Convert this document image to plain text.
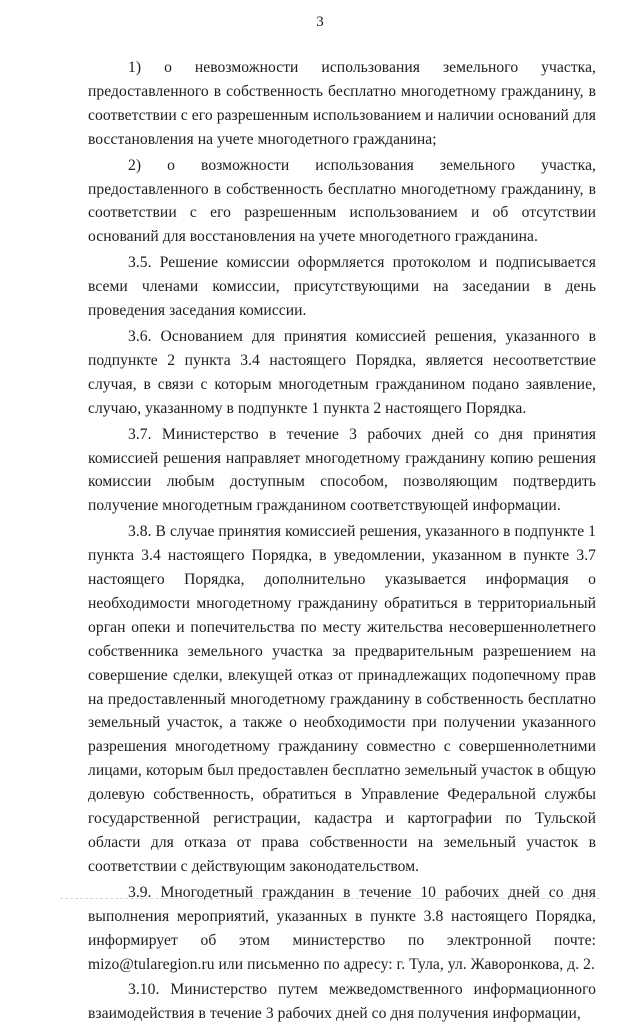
3

1) о невозможности использования земельного участка, предоставленного в собственность бесплатно многодетному гражданину, в соответствии с его разрешенным использованием и наличии оснований для восстановления на учете многодетного гражданина;

2) о возможности использования земельного участка, предоставленного в собственность бесплатно многодетному гражданину, в соответствии с его разрешенным использованием и об отсутствии оснований для восстановления на учете многодетного гражданина.

3.5. Решение комиссии оформляется протоколом и подписывается всеми членами комиссии, присутствующими на заседании в день проведения заседания комиссии.

3.6. Основанием для принятия комиссией решения, указанного в подпункте 2 пункта 3.4 настоящего Порядка, является несоответствие случая, в связи с которым многодетным гражданином подано заявление, случаю, указанному в подпункте 1 пункта 2 настоящего Порядка.

3.7. Министерство в течение 3 рабочих дней со дня принятия комиссией решения направляет многодетному гражданину копию решения комиссии любым доступным способом, позволяющим подтвердить получение многодетным гражданином соответствующей информации.

3.8. В случае принятия комиссией решения, указанного в подпункте 1 пункта 3.4 настоящего Порядка, в уведомлении, указанном в пункте 3.7 настоящего Порядка, дополнительно указывается информация о необходимости многодетному гражданину обратиться в территориальный орган опеки и попечительства по месту жительства несовершеннолетнего собственника земельного участка за предварительным разрешением на совершение сделки, влекущей отказ от принадлежащих подопечному прав на предоставленный многодетному гражданину в собственность бесплатно земельный участок, а также о необходимости при получении указанного разрешения многодетному гражданину совместно с совершеннолетними лицами, которым был предоставлен бесплатно земельный участок в общую долевую собственность, обратиться в Управление Федеральной службы государственной регистрации, кадастра и картографии по Тульской области для отказа от права собственности на земельный участок в соответствии с действующим законодательством.

3.9. Многодетный гражданин в течение 10 рабочих дней со дня выполнения мероприятий, указанных в пункте 3.8 настоящего Порядка, информирует об этом министерство по электронной почте: mizo@tularegion.ru или письменно по адресу: г. Тула, ул. Жаворонкова, д. 2.

3.10. Министерство путем межведомственного информационного взаимодействия в течение 3 рабочих дней со дня получения информации,
